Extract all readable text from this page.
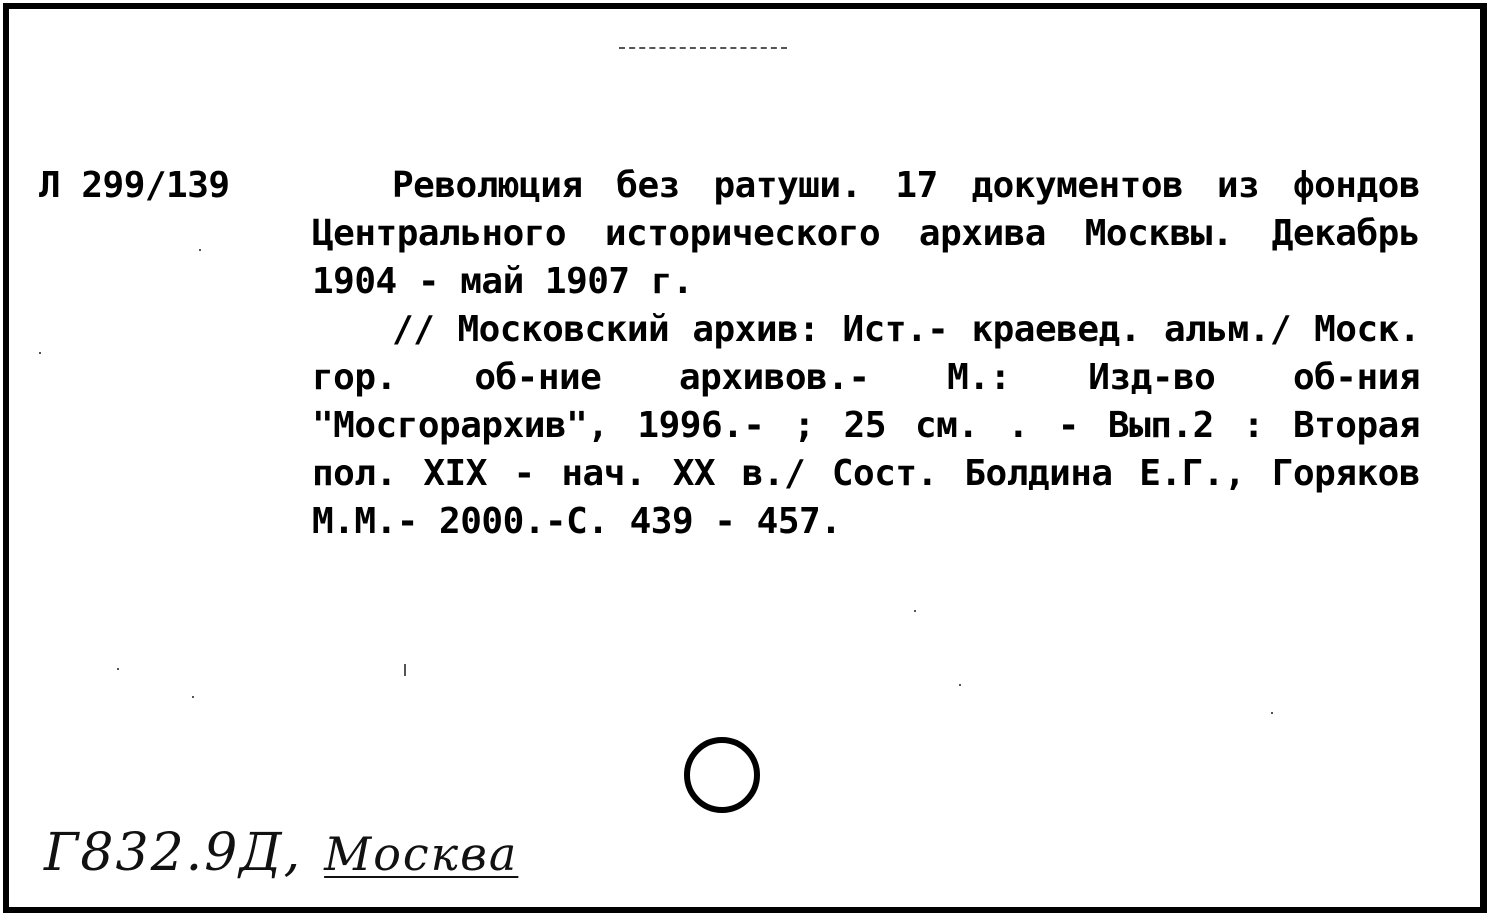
Л 299/139	Революция без ратуши. 17 документов из фондов Центрального исторического архива Москвы. Декабрь 1904 - май 1907 г.

// Московский архив: Ист.- краевед. альм./ Моск. гор. об-ние архивов.- М.: Изд-во об-ния "Мосгорархив", 1996.- ; 25 см. . - Вып.2 : Вторая пол. XIX - нач. XX в./ Сост. Болдина Е.Г., Горяков М.М.- 2000.-С. 439 - 457.

Г832.9Д, Москва
